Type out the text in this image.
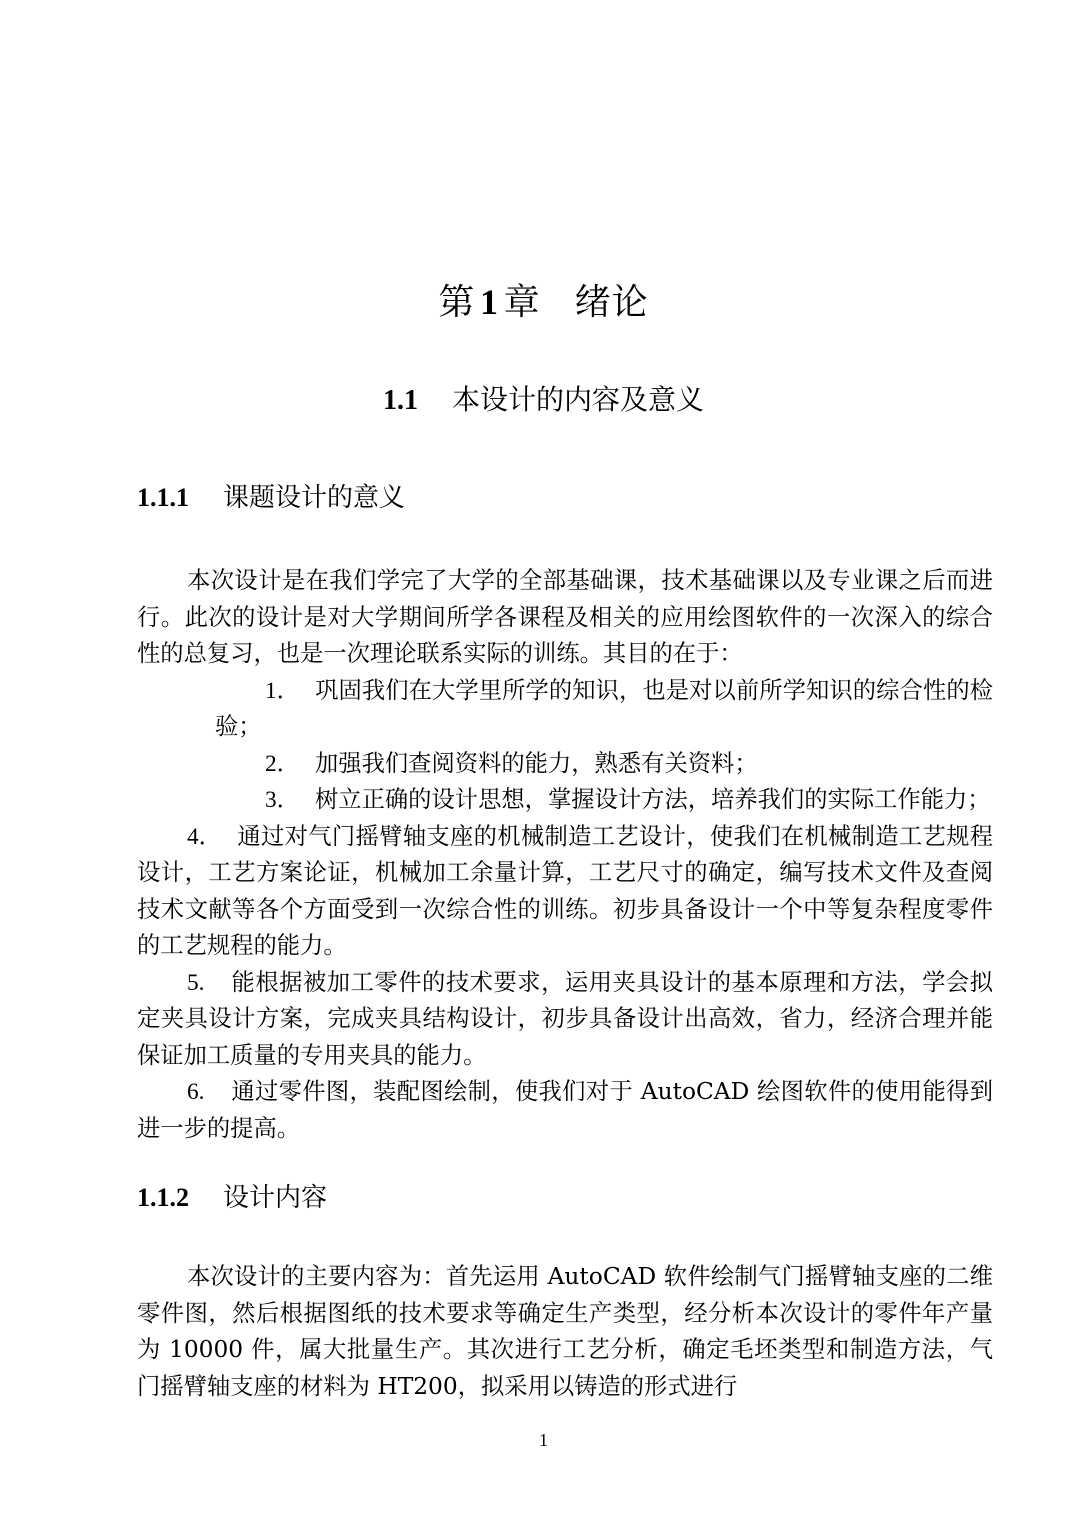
第  1  章 绪论
1.1 本设计的内容及意义
1.1.1 课题设计的意义

本次设计是在我们学完了大学的全部基础课，技术基础课以及专业课之后而进行。此次的设计是对大学期间所学各课程及相关的应用绘图软件的一次深入的综合性的总复习，也是一次理论联系实际的训练。其目的在于：

1． 巩固我们在大学里所学的知识，也是对以前所学知识的综合性的检验；

2． 加强我们查阅资料的能力，熟悉有关资料；

3． 树立正确的设计思想，掌握设计方法，培养我们的实际工作能力；

4． 通过对气门摇臂轴支座的机械制造工艺设计，使我们在机械制造工艺规程设计，工艺方案论证，机械加工余量计算，工艺尺寸的确定，编写技术文件及查阅技术文献等各个方面受到一次综合性的训练。初步具备设计一个中等复杂程度零件的工艺规程的能力。

5. 能根据被加工零件的技术要求，运用夹具设计的基本原理和方法，学会拟定夹具设计方案，完成夹具结构设计，初步具备设计出高效，省力，经济合理并能保证加工质量的专用夹具的能力。

6. 通过零件图，装配图绘制，使我们对于 AutoCAD 绘图软件的使用能得到进一步的提高。

1.1.2 设计内容

本次设计的主要内容为：首先运用 AutoCAD 软件绘制气门摇臂轴支座的二维零件图，然后根据图纸的技术要求等确定生产类型，经分析本次设计的零件年产量为 10000 件，属大批量生产。其次进行工艺分析，确定毛坯类型和制造方法，气门摇臂轴支座的材料为 HT200，拟采用以铸造的形式进行

1
